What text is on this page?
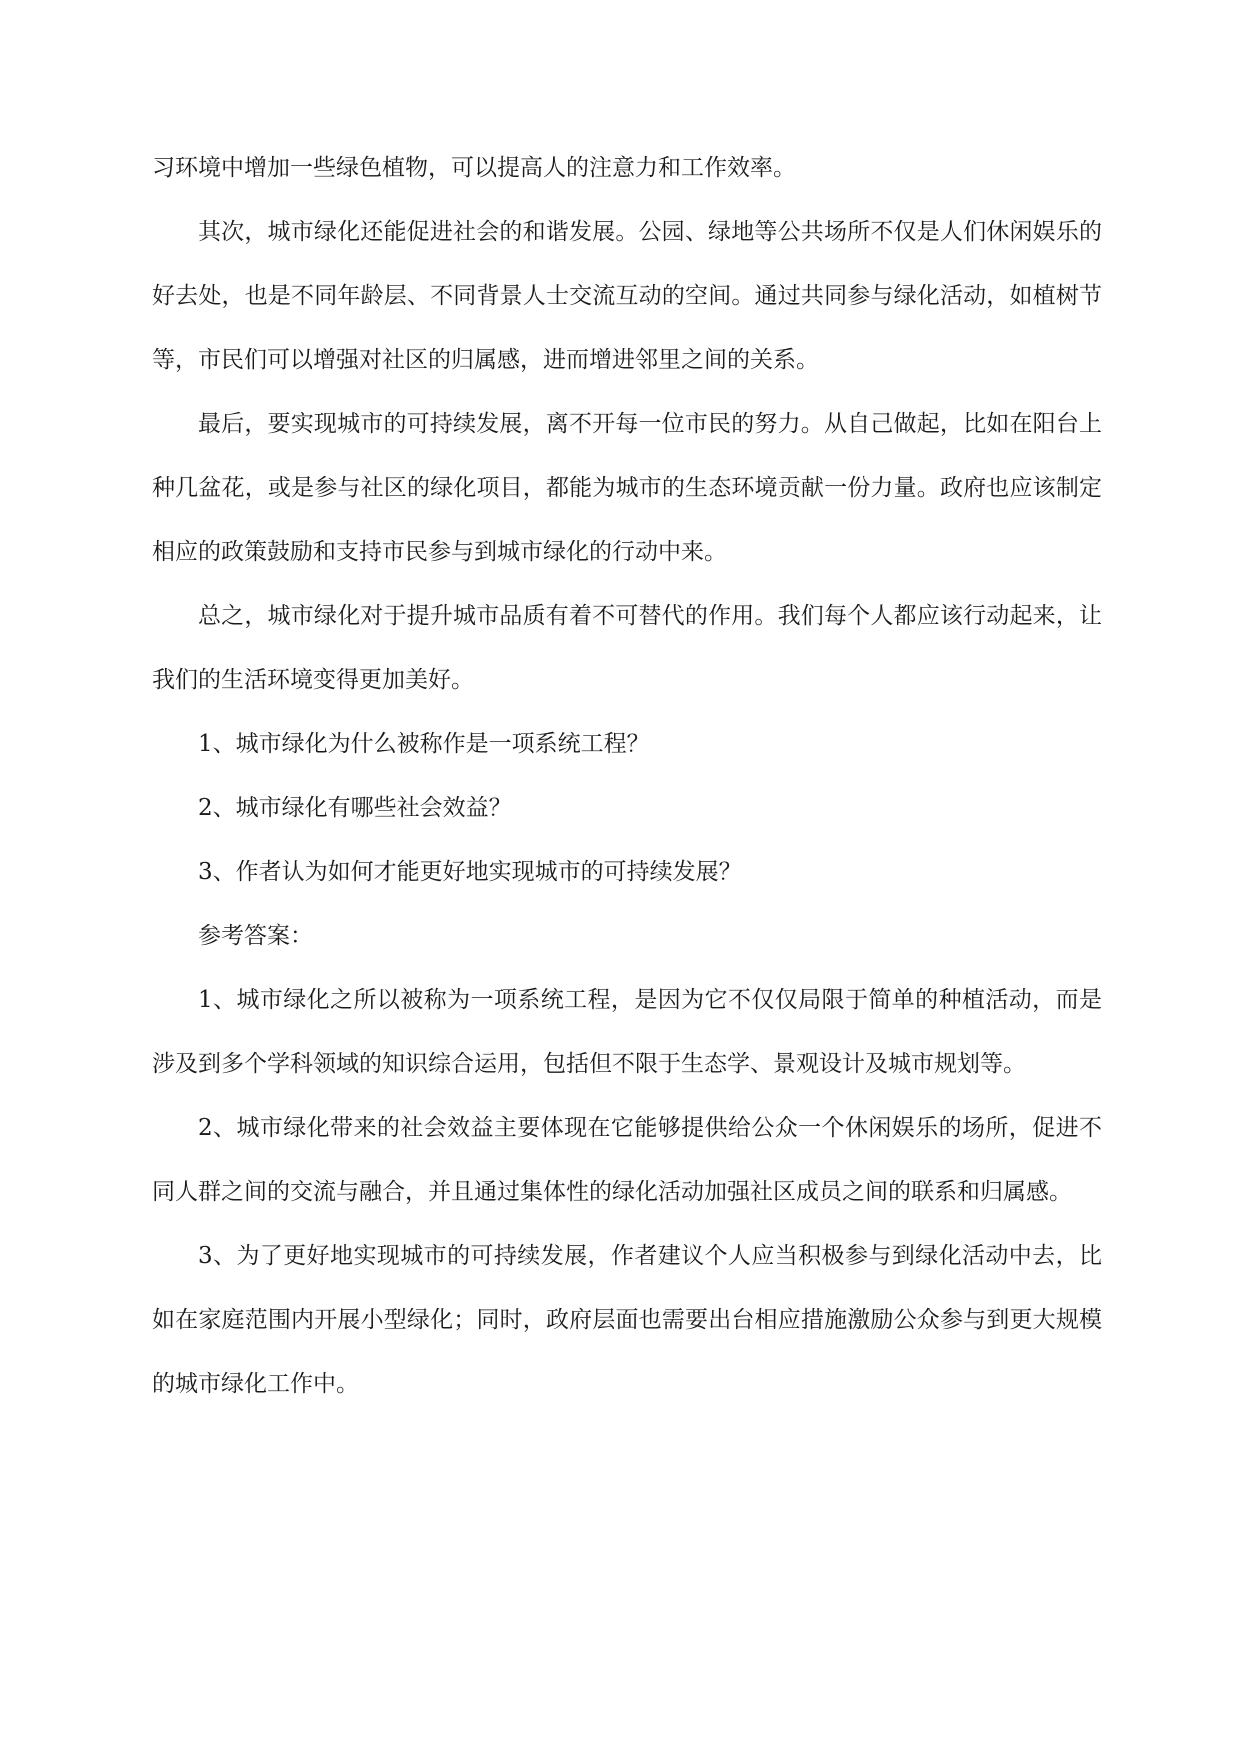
习环境中增加一些绿色植物，可以提高人的注意力和工作效率。

其次，城市绿化还能促进社会的和谐发展。公园、绿地等公共场所不仅是人们休闲娱乐的好去处，也是不同年龄层、不同背景人士交流互动的空间。通过共同参与绿化活动，如植树节等，市民们可以增强对社区的归属感，进而增进邻里之间的关系。

最后，要实现城市的可持续发展，离不开每一位市民的努力。从自己做起，比如在阳台上种几盆花，或是参与社区的绿化项目，都能为城市的生态环境贡献一份力量。政府也应该制定相应的政策鼓励和支持市民参与到城市绿化的行动中来。

总之，城市绿化对于提升城市品质有着不可替代的作用。我们每个人都应该行动起来，让我们的生活环境变得更加美好。

1、城市绿化为什么被称作是一项系统工程？

2、城市绿化有哪些社会效益？

3、作者认为如何才能更好地实现城市的可持续发展？

参考答案：

1、城市绿化之所以被称为一项系统工程，是因为它不仅仅局限于简单的种植活动，而是涉及到多个学科领域的知识综合运用，包括但不限于生态学、景观设计及城市规划等。

2、城市绿化带来的社会效益主要体现在它能够提供给公众一个休闲娱乐的场所，促进不同人群之间的交流与融合，并且通过集体性的绿化活动加强社区成员之间的联系和归属感。

3、为了更好地实现城市的可持续发展，作者建议个人应当积极参与到绿化活动中去，比如在家庭范围内开展小型绿化；同时，政府层面也需要出台相应措施激励公众参与到更大规模的城市绿化工作中。
